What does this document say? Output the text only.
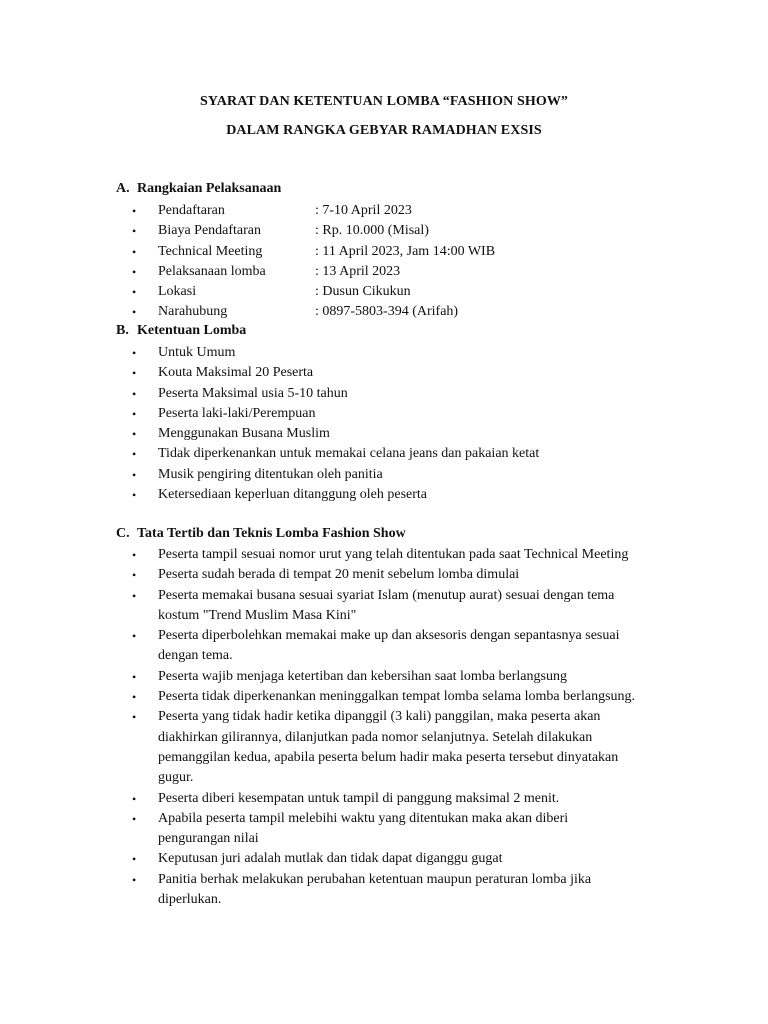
SYARAT DAN KETENTUAN LOMBA “FASHION SHOW”
DALAM RANGKA GEBYAR RAMADHAN EXSIS
A. Rangkaian Pelaksanaan
• Pendaftaran	: 7-10 April 2023
• Biaya Pendaftaran	: Rp. 10.000 (Misal)
• Technical Meeting	: 11 April 2023, Jam 14:00 WIB
• Pelaksanaan lomba	: 13 April 2023
• Lokasi	: Dusun Cikukun
• Narahubung	: 0897-5803-394 (Arifah)
B. Ketentuan Lomba
• Untuk Umum
• Kouta Maksimal 20 Peserta
• Peserta Maksimal usia 5-10 tahun
• Peserta laki-laki/Perempuan
• Menggunakan Busana Muslim
• Tidak diperkenankan untuk memakai celana jeans dan pakaian ketat
• Musik pengiring ditentukan oleh panitia
• Ketersediaan keperluan ditanggung oleh peserta
C. Tata Tertib dan Teknis Lomba Fashion Show
• Peserta tampil sesuai nomor urut yang telah ditentukan pada saat Technical Meeting
• Peserta sudah berada di tempat 20 menit sebelum lomba dimulai
• Peserta memakai busana sesuai syariat Islam (menutup aurat) sesuai dengan tema
kostum "Trend Muslim Masa Kini"
• Peserta diperbolehkan memakai make up dan aksesoris dengan sepantasnya sesuai
dengan tema.
• Peserta wajib menjaga ketertiban dan kebersihan saat lomba berlangsung
• Peserta tidak diperkenankan meninggalkan tempat lomba selama lomba berlangsung.
• Peserta yang tidak hadir ketika dipanggil (3 kali) panggilan, maka peserta akan
diakhirkan gilirannya, dilanjutkan pada nomor selanjutnya. Setelah dilakukan
pemanggilan kedua, apabila peserta belum hadir maka peserta tersebut dinyatakan
gugur.
• Peserta diberi kesempatan untuk tampil di panggung maksimal 2 menit.
• Apabila peserta tampil melebihi waktu yang ditentukan maka akan diberi
pengurangan nilai
• Keputusan juri adalah mutlak dan tidak dapat diganggu gugat
• Panitia berhak melakukan perubahan ketentuan maupun peraturan lomba jika
diperlukan.
